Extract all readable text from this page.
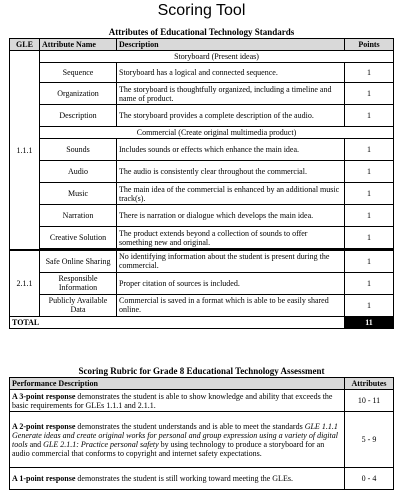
Scoring Tool
Attributes of Educational Technology Standards
GLE	Attribute Name	Description	Points
1.1.1	Storyboard (Present ideas)		
	Sequence	Storyboard has a logical and connected sequence.	1
	Organization	The storyboard is thoughtfully organized, including a timeline and name of product.	1
	Description	The storyboard provides a complete description of the audio.	1
	Commercial (Create original multimedia product)		
	Sounds	Includes sounds or effects which enhance the main idea.	1
	Audio	The audio is consistently clear throughout the commercial.	1
	Music	The main idea of the commercial is enhanced by an additional music track(s).	1
	Narration	There is narration or dialogue which develops the main idea.	1
	Creative Solution	The product extends beyond a collection of sounds to offer something new and original.	1

2.1.1	Safe Online Sharing	No identifying information about the student is present during the commercial.	1
	Responsible Information	Proper citation of sources is included.	1
	Publicly Available Data	Commercial is saved in a format which is able to be easily shared online.	1
TOTAL			11
Scoring Rubric for Grade 8 Educational Technology Assessment
Performance Description	Attributes
A 3-point response demonstrates the student is able to show knowledge and ability that exceeds the basic requirements for GLEs 1.1.1 and 2.1.1.	10 - 11
A 2-point response demonstrates the student understands and is able to meet the standards GLE 1.1.1 Generate ideas and create original works for personal and group expression using a variety of digital tools and GLE 2.1.1: Practice personal safety by using technology to produce a storyboard for an audio commercial that conforms to copyright and internet safety expectations.	5 - 9
A 1-point response demonstrates the student is still working toward meeting the GLEs.	0 - 4
